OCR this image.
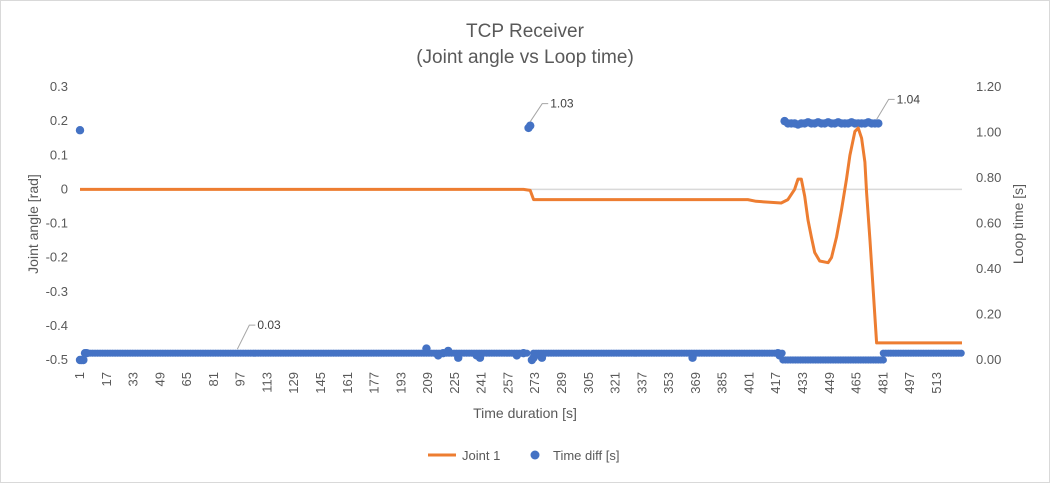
TCP Receiver
(Joint angle vs Loop time)
0.3
0.2
0.1
0
-0.1
-0.2
-0.3
-0.4
-0.5
1.20
1.00
0.80
0.60
0.40
0.20
0.00
1 17 33 49 65 81 97 113 129 145 161 177 193 209 225 241 257 273 289 305 321 337 353 369 385 401 417 433 449 465 481 497 513
0.03
1.03	1.04
Time duration [s]
Joint angle [rad]	Loop time [s]
Joint 1	Time diff [s]
